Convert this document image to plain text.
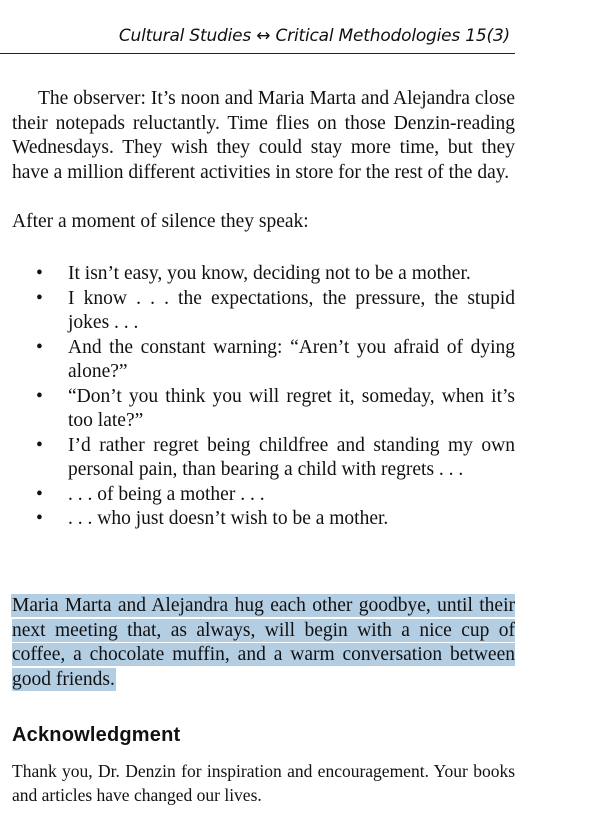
Cultural Studies ↔ Critical Methodologies 15(3)

The observer: It’s noon and Maria Marta and Alejandra close their notepads reluctantly. Time flies on those Denzin-reading Wednesdays. They wish they could stay more time, but they have a million different activities in store for the rest of the day.

After a moment of silence they speak:

• It isn’t easy, you know, deciding not to be a mother.
• I know . . . the expectations, the pressure, the stupid jokes . . .
• And the constant warning: “Aren’t you afraid of dying alone?”
• “Don’t you think you will regret it, someday, when it’s too late?”
• I’d rather regret being childfree and standing my own personal pain, than bearing a child with regrets . . .
• . . . of being a mother . . .
• . . . who just doesn’t wish to be a mother.

Maria Marta and Alejandra hug each other goodbye, until their next meeting that, as always, will begin with a nice cup of coffee, a chocolate muffin, and a warm conversation between good friends.

Acknowledgment

Thank you, Dr. Denzin for inspiration and encouragement. Your books and articles have changed our lives.
